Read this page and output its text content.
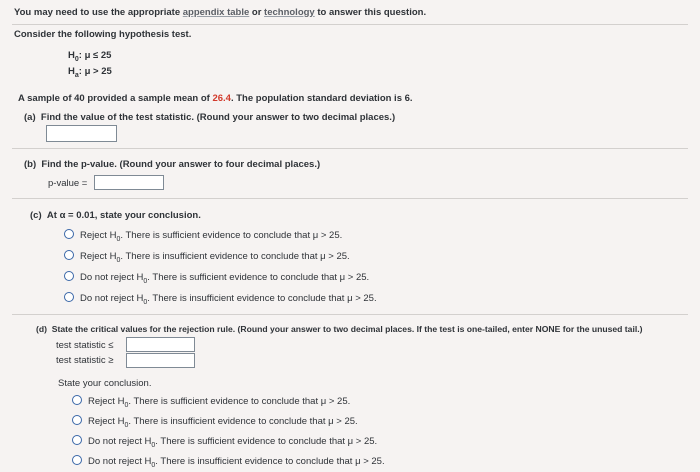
You may need to use the appropriate appendix table or technology to answer this question.
Consider the following hypothesis test.
$H_0$: μ ≤ 25
$H_a$: μ > 25
A sample of 40 provided a sample mean of 26.4. The population standard deviation is 6.
(a) Find the value of the test statistic. (Round your answer to two decimal places.)
(b) Find the p-value. (Round your answer to four decimal places.)
p-value =
(c) At α = 0.01, state your conclusion.
Reject $H_0$. There is sufficient evidence to conclude that μ > 25.
Reject $H_0$. There is insufficient evidence to conclude that μ > 25.
Do not reject $H_0$. There is sufficient evidence to conclude that μ > 25.
Do not reject $H_0$. There is insufficient evidence to conclude that μ > 25.
(d) State the critical values for the rejection rule. (Round your answer to two decimal places. If the test is one-tailed, enter NONE for the unused tail.)
test statistic ≤
test statistic ≥
State your conclusion.
Reject $H_0$. There is sufficient evidence to conclude that μ > 25.
Reject $H_0$. There is insufficient evidence to conclude that μ > 25.
Do not reject $H_0$. There is sufficient evidence to conclude that μ > 25.
Do not reject $H_0$. There is insufficient evidence to conclude that μ > 25.
